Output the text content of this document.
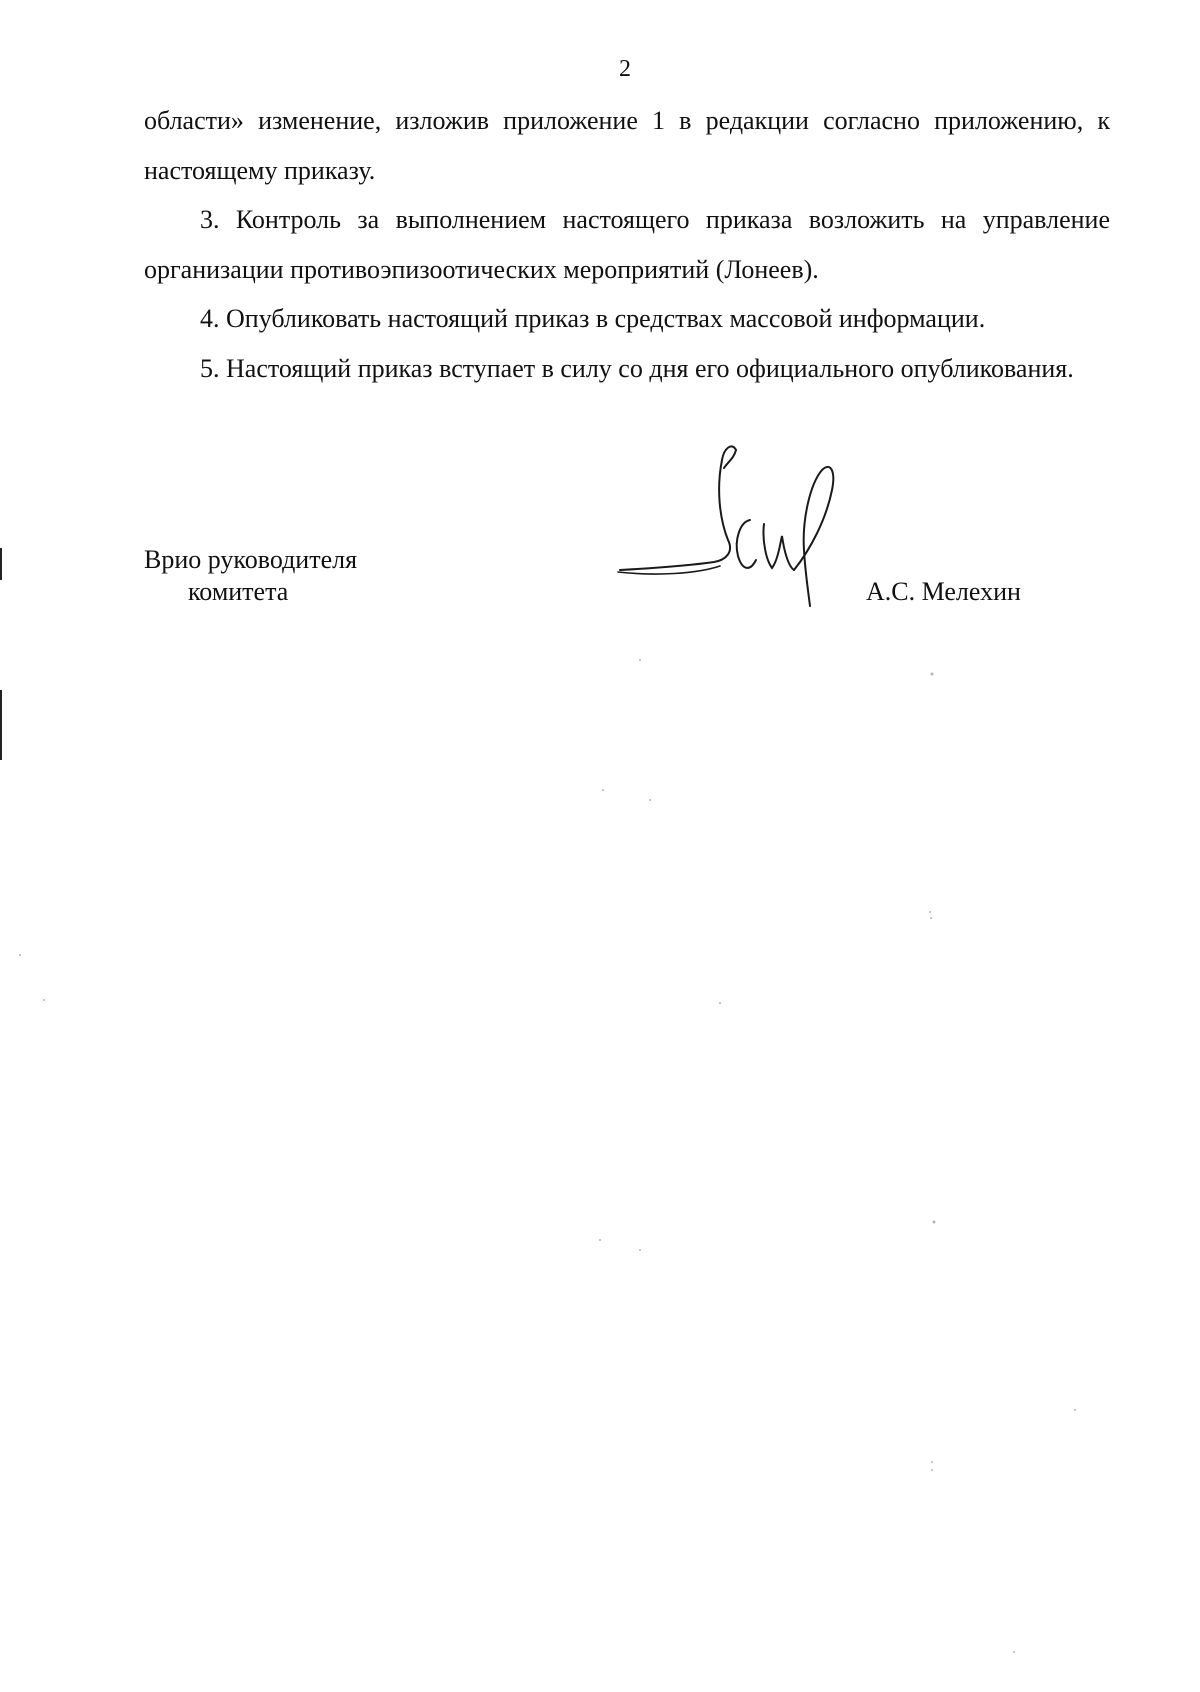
2

области» изменение, изложив приложение 1 в редакции согласно приложению, к настоящему приказу.

3. Контроль за выполнением настоящего приказа возложить на управление организации противоэпизоотических мероприятий (Лонеев).

4. Опубликовать настоящий приказ в средствах массовой информации.

5. Настоящий приказ вступает в силу со дня его официального опубликования.

Врио руководителя
комитета	А.С. Мелехин
